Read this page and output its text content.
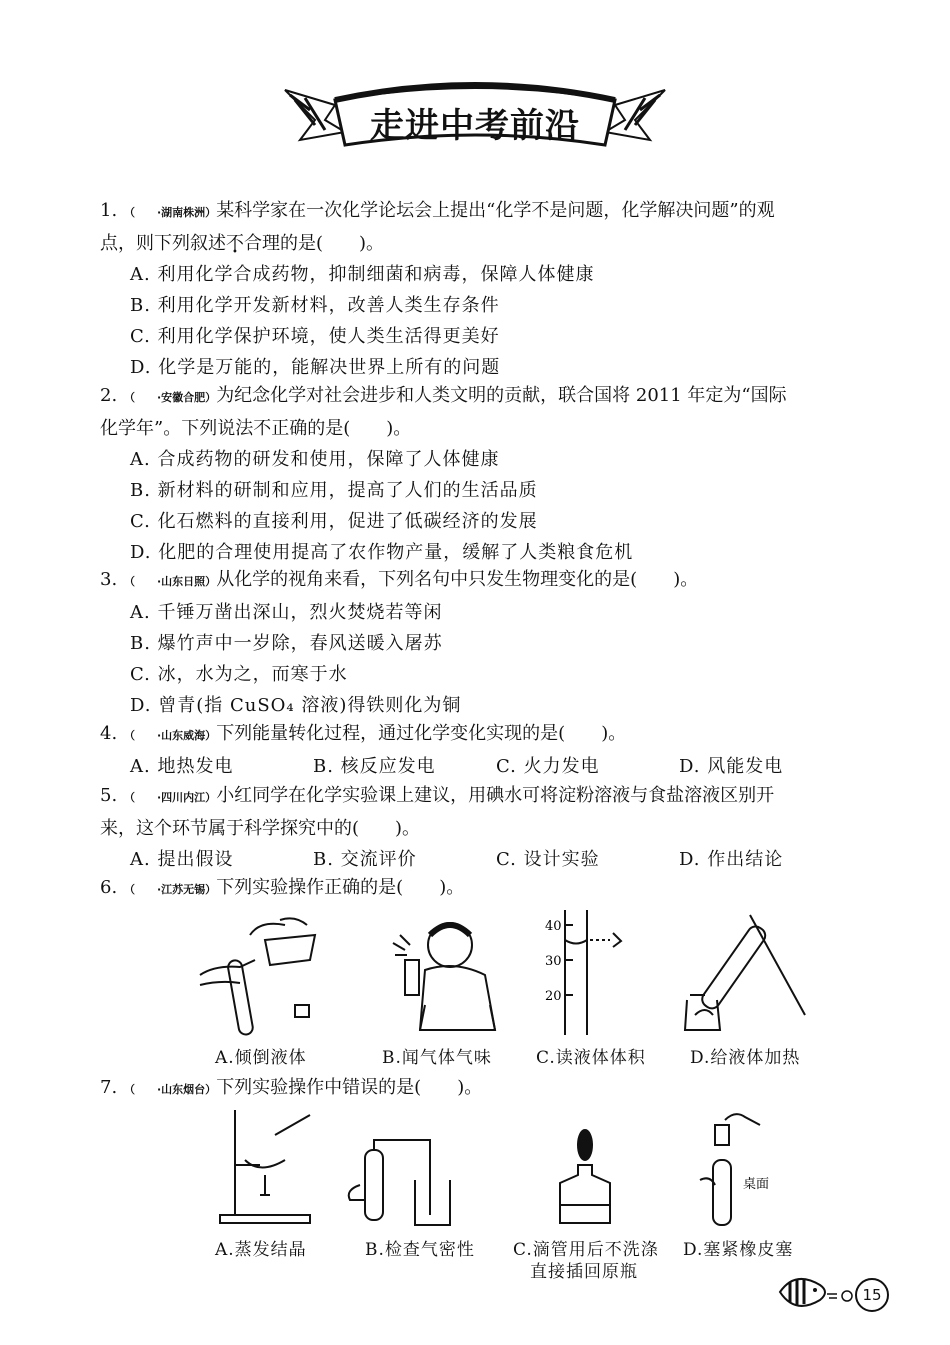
走进中考前沿
1. （　　·湖南株洲）某科学家在一次化学论坛会上提出“化学不是问题，化学解决问题”的观
点，则下列叙述不合理的是(　　)。
A. 利用化学合成药物，抑制细菌和病毒，保障人体健康
B. 利用化学开发新材料，改善人类生存条件
C. 利用化学保护环境，使人类生活得更美好
D. 化学是万能的，能解决世界上所有的问题
2. （　　·安徽合肥）为纪念化学对社会进步和人类文明的贡献，联合国将 2011 年定为“国际
化学年”。下列说法不正确的是(　　)。
A. 合成药物的研发和使用，保障了人体健康
B. 新材料的研制和应用，提高了人们的生活品质
C. 化石燃料的直接利用，促进了低碳经济的发展
D. 化肥的合理使用提高了农作物产量，缓解了人类粮食危机
3. （　　·山东日照）从化学的视角来看，下列名句中只发生物理变化的是(　　)。
A. 千锤万凿出深山，烈火焚烧若等闲
B. 爆竹声中一岁除，春风送暖入屠苏
C. 冰，水为之，而寒于水
D. 曾青(指 CuSO₄ 溶液)得铁则化为铜
4. （　　·山东威海）下列能量转化过程，通过化学变化实现的是(　　)。
A. 地热发电	B. 核反应发电	C. 火力发电	D. 风能发电
5. （　　·四川内江）小红同学在化学实验课上建议，用碘水可将淀粉溶液与食盐溶液区别开
来，这个环节属于科学探究中的(　　)。
A. 提出假设	B. 交流评价	C. 设计实验	D. 作出结论
6. （　　·江苏无锡）下列实验操作正确的是(　　)。
40
30
20
A.倾倒液体	B.闻气体气味	C.读液体体积	D.给液体加热
7. （　　·山东烟台）下列实验操作中错误的是(　　)。
桌面
A.蒸发结晶	B.检查气密性 C.滴管用后不洗涤
直接插回原瓶
D.塞紧橡皮塞
15
